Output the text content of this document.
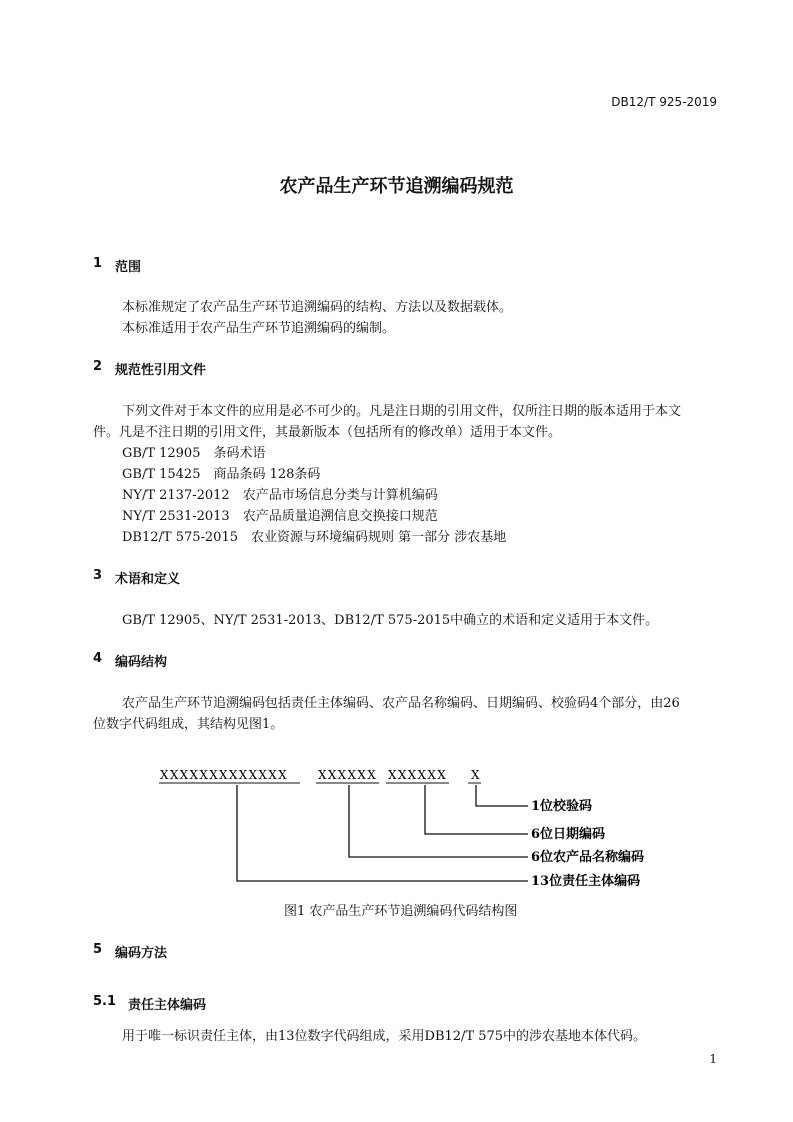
DB12/T 925-2019
农产品生产环节追溯编码规范
1 范围
本标准规定了农产品生产环节追溯编码的结构、方法以及数据载体。
本标准适用于农产品生产环节追溯编码的编制。
2 规范性引用文件
下列文件对于本文件的应用是必不可少的。凡是注日期的引用文件，仅所注日期的版本适用于本文
件。凡是不注日期的引用文件，其最新版本（包括所有的修改单）适用于本文件。
GB/T 12905　条码术语
GB/T 15425　商品条码 128条码
NY/T 2137-2012　农产品市场信息分类与计算机编码
NY/T 2531-2013　农产品质量追溯信息交换接口规范
DB12/T 575-2015　农业资源与环境编码规则 第一部分 涉农基地
3 术语和定义
GB/T 12905、NY/T 2531-2013、DB12/T 575-2015中确立的术语和定义适用于本文件。
4 编码结构
农产品生产环节追溯编码包括责任主体编码、农产品名称编码、日期编码、校验码4个部分，由26
位数字代码组成，其结构见图1。
XXXXXXXXXXXXX	XXXXXX XXXXXX X
1位校验码
6位日期编码
6位农产品名称编码
13位责任主体编码
图1 农产品生产环节追溯编码代码结构图
5 编码方法
5.1 责任主体编码
用于唯一标识责任主体，由13位数字代码组成，采用DB12/T 575中的涉农基地本体代码。
1
